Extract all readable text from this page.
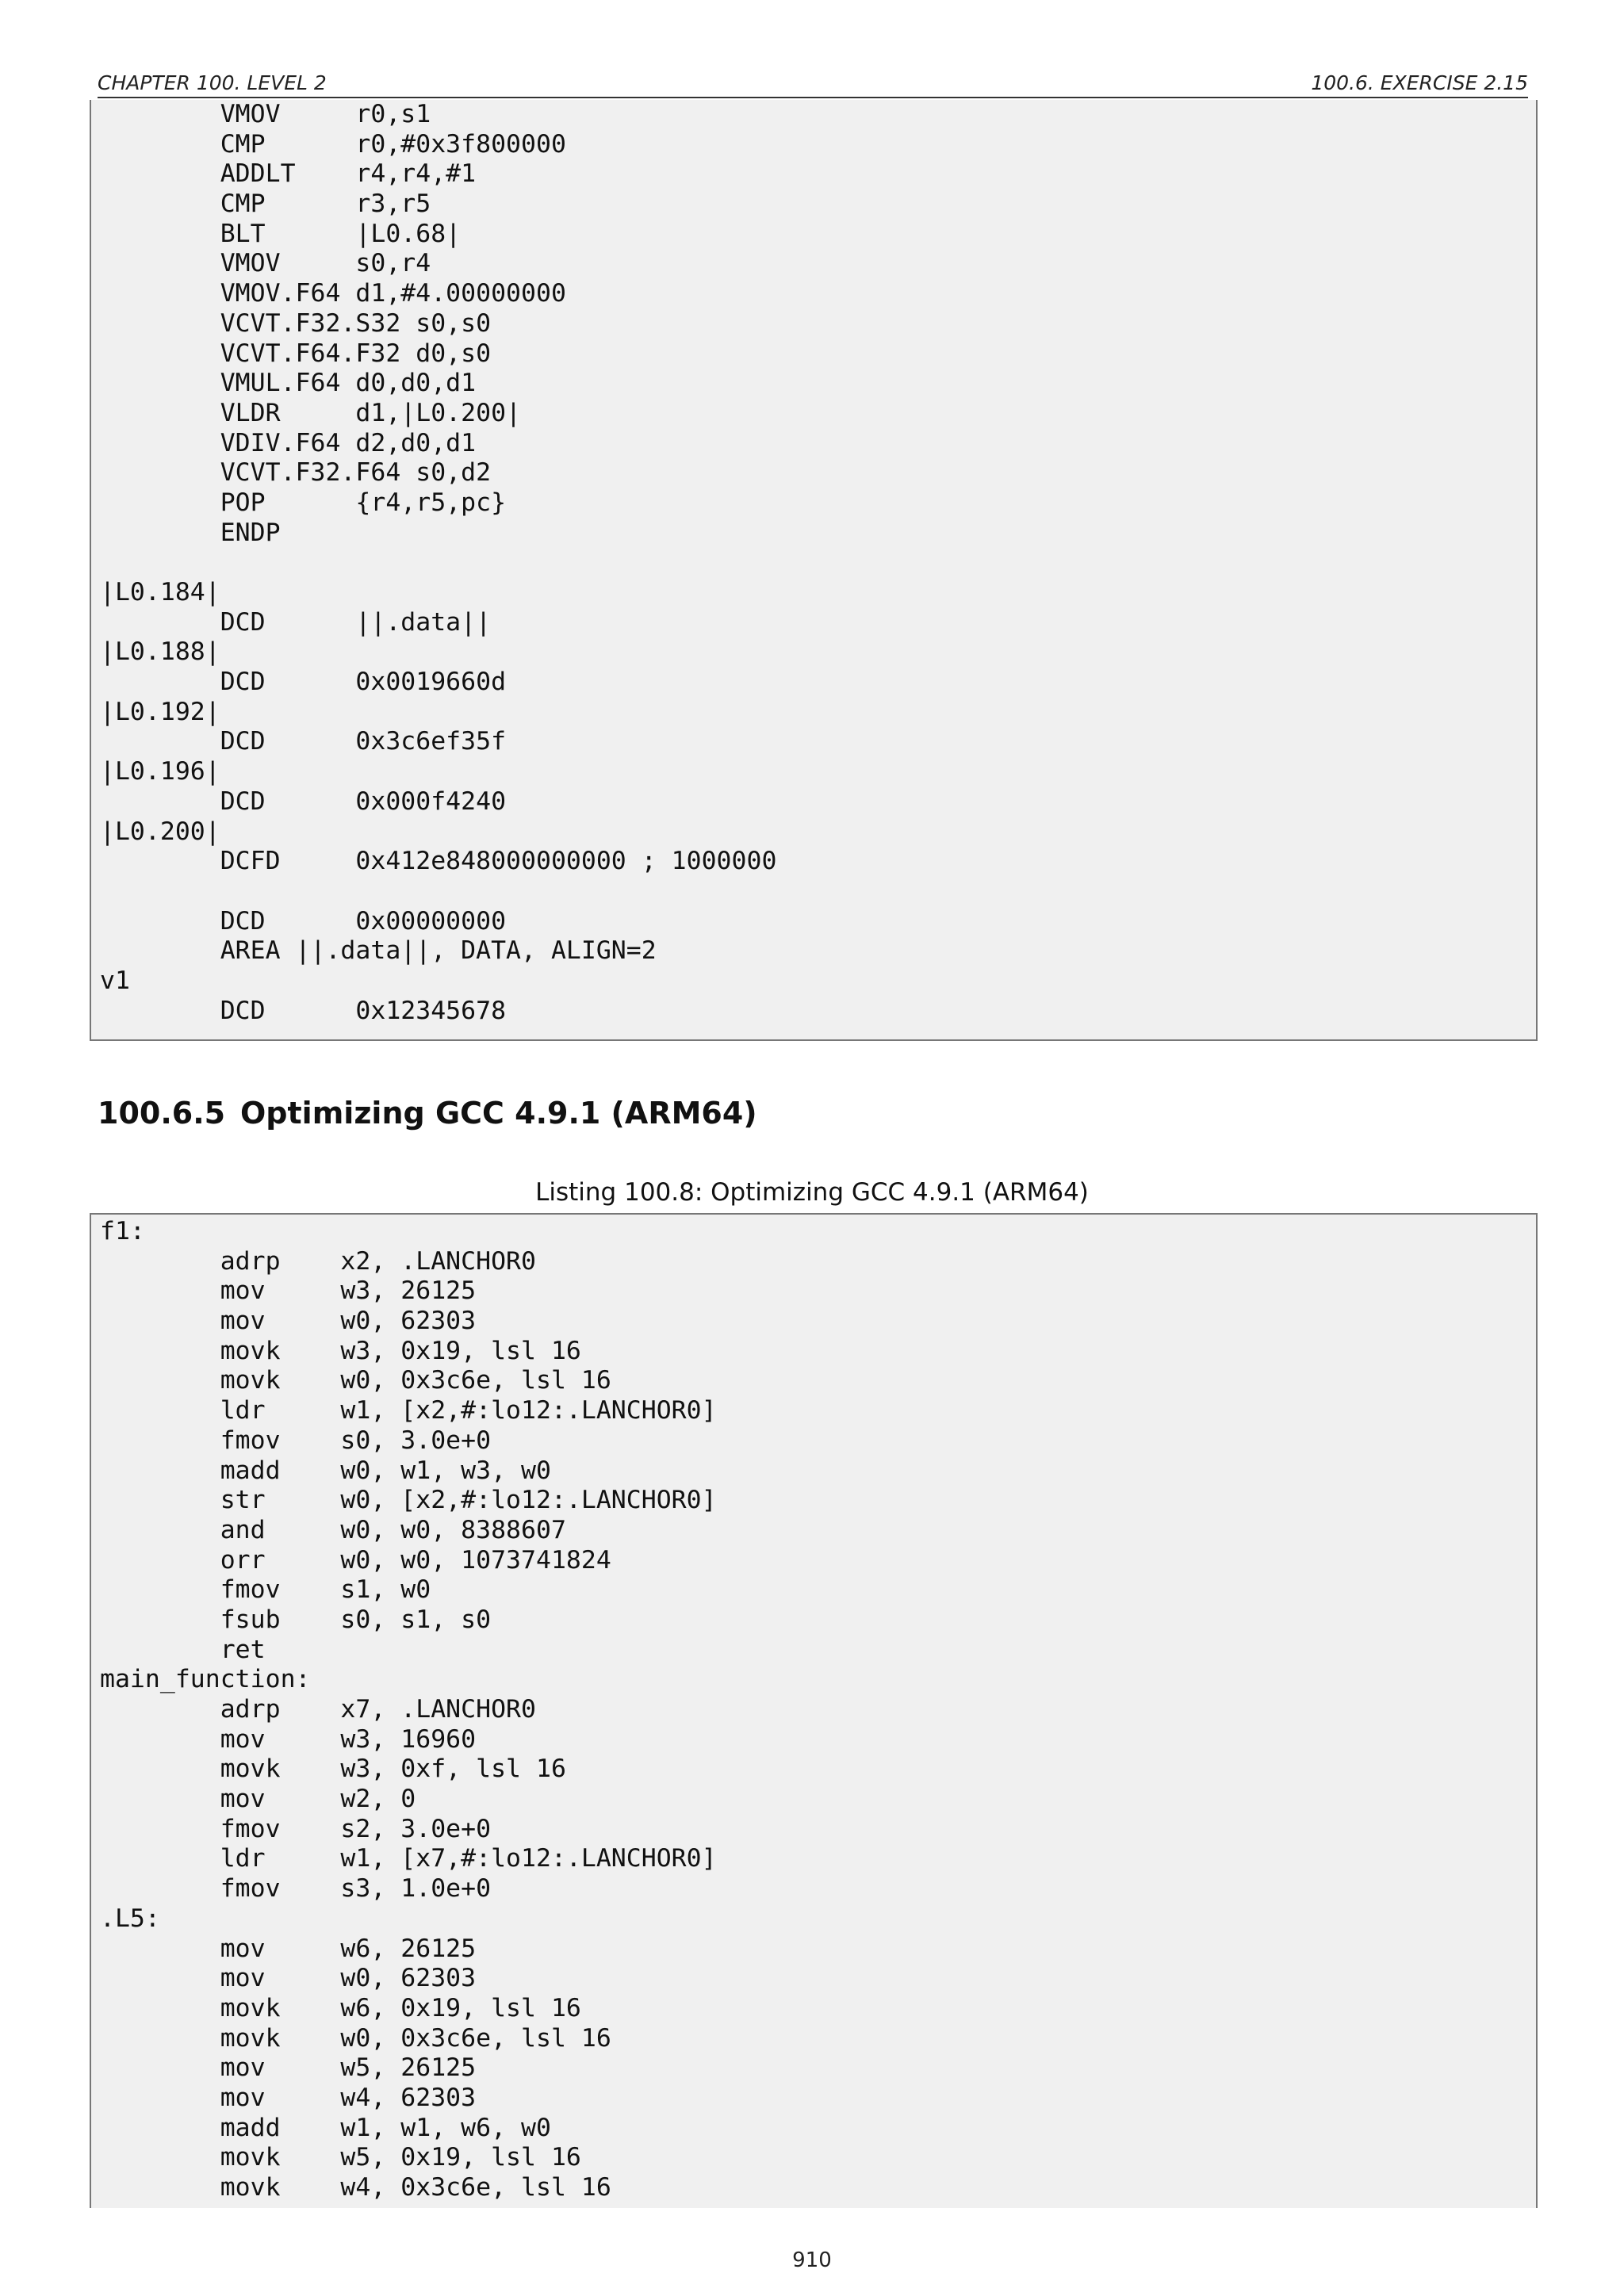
CHAPTER 100. LEVEL 2	100.6. EXERCISE 2.15
VMOV     r0,s1
CMP      r0,#0x3f800000
ADDLT    r4,r4,#1
CMP      r3,r5
BLT      |L0.68|
VMOV     s0,r4
VMOV.F64 d1,#4.00000000
VCVT.F32.S32 s0,s0
VCVT.F64.F32 d0,s0
VMUL.F64 d0,d0,d1
VLDR     d1,|L0.200|
VDIV.F64 d2,d0,d1
VCVT.F32.F64 s0,d2
POP      {r4,r5,pc}
ENDP

|L0.184|
DCD      ||.data||
|L0.188|
DCD      0x0019660d
|L0.192|
DCD      0x3c6ef35f
|L0.196|
DCD      0x000f4240
|L0.200|
DCFD     0x412e848000000000 ; 1000000

DCD      0x00000000
AREA ||.data||, DATA, ALIGN=2
v1
DCD      0x12345678
100.6.5 Optimizing GCC 4.9.1 (ARM64)
Listing 100.8: Optimizing GCC 4.9.1 (ARM64)
f1:
adrp    x2, .LANCHOR0
mov     w3, 26125
mov     w0, 62303
movk    w3, 0x19, lsl 16
movk    w0, 0x3c6e, lsl 16
ldr     w1, [x2,#:lo12:.LANCHOR0]
fmov    s0, 3.0e+0
madd    w0, w1, w3, w0
str     w0, [x2,#:lo12:.LANCHOR0]
and     w0, w0, 8388607
orr     w0, w0, 1073741824
fmov    s1, w0
fsub    s0, s1, s0
ret
main_function:
adrp    x7, .LANCHOR0
mov     w3, 16960
movk    w3, 0xf, lsl 16
mov     w2, 0
fmov    s2, 3.0e+0
ldr     w1, [x7,#:lo12:.LANCHOR0]
fmov    s3, 1.0e+0
.L5:
mov     w6, 26125
mov     w0, 62303
movk    w6, 0x19, lsl 16
movk    w0, 0x3c6e, lsl 16
mov     w5, 26125
mov     w4, 62303
madd    w1, w1, w6, w0
movk    w5, 0x19, lsl 16
movk    w4, 0x3c6e, lsl 16
910
